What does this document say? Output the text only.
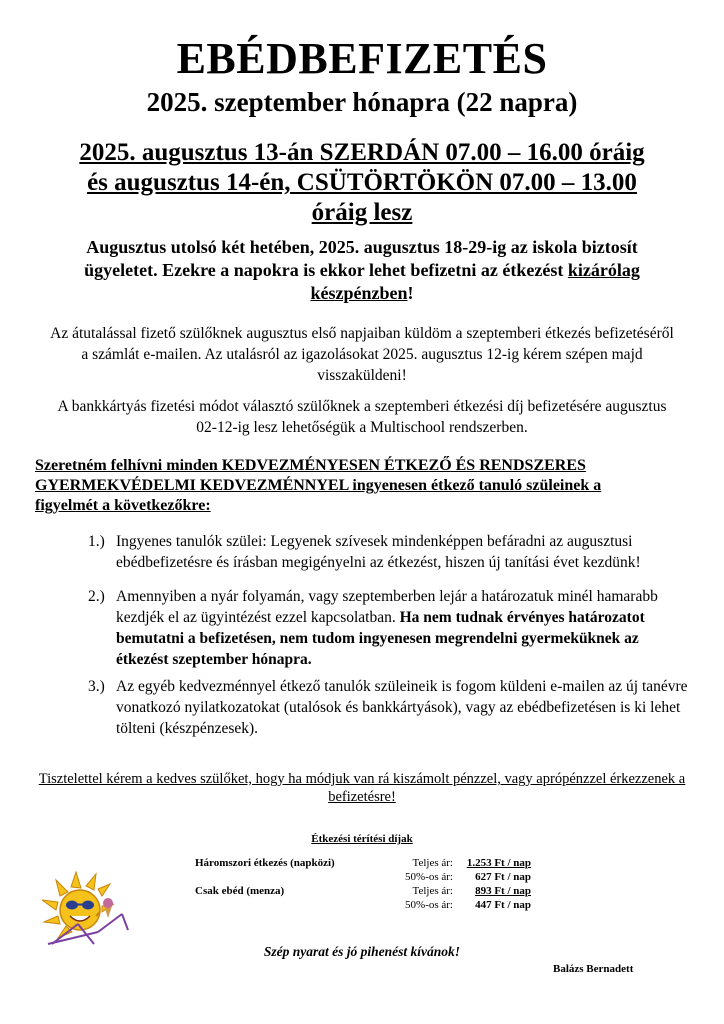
EBÉDBEFIZETÉS
2025. szeptember hónapra (22 napra)
2025. augusztus 13-án SZERDÁN 07.00 – 16.00 óráig
és augusztus 14-én, CSÜTÖRTÖKÖN 07.00 – 13.00
óráig lesz
Augusztus utolsó két hetében, 2025. augusztus 18-29-ig az iskola biztosít ügyeletet. Ezekre a napokra is ekkor lehet befizetni az étkezést kizárólag készpénzben!
Az átutalással fizető szülőknek augusztus első napjaiban küldöm a szeptemberi étkezés befizetéséről a számlát e-mailen. Az utalásról az igazolásokat 2025. augusztus 12-ig kérem szépen majd visszaküldeni!
A bankkártyás fizetési módot választó szülőknek a szeptemberi étkezési díj befizetésére augusztus 02-12-ig lesz lehetőségük a Multischool rendszerben.
Szeretném felhívni minden KEDVEZMÉNYESEN ÉTKEZŐ ÉS RENDSZERES GYERMEKVÉDELMI KEDVEZMÉNNYEL ingyenesen étkező tanuló szüleinek a figyelmét a következőkre:
1.) Ingyenes tanulók szülei: Legyenek szívesek mindenképpen befáradni az augusztusi ebédbefizetésre és írásban megigényelni az étkezést, hiszen új tanítási évet kezdünk!
2.) Amennyiben a nyár folyamán, vagy szeptemberben lejár a határozatuk minél hamarabb kezdjék el az ügyintézést ezzel kapcsolatban. Ha nem tudnak érvényes határozatot bemutatni a befizetésen, nem tudom ingyenesen megrendelni gyermeküknek az étkezést szeptember hónapra.
3.) Az egyéb kedvezménnyel étkező tanulók szüleineik is fogom küldeni e-mailen az új tanévre vonatkozó nyilatkozatokat (utalósok és bankkártyások), vagy az ebédbefizetésen is ki lehet tölteni (készpénzesek).
Tisztelettel kérem a kedves szülőket, hogy ha módjuk van rá kiszámolt pénzzel, vagy aprópénzzel érkezzenek a befizetésre!
Étkezési térítési díjak
Háromszori étkezés (napközi)	Teljes ár:	1.253 Ft / nap
	50%-os ár:	627 Ft / nap
Csak ebéd (menza)	Teljes ár:	893 Ft / nap
	50%-os ár:	447 Ft / nap
Szép nyarat és jó pihenést kívánok!
Balázs Bernadett
